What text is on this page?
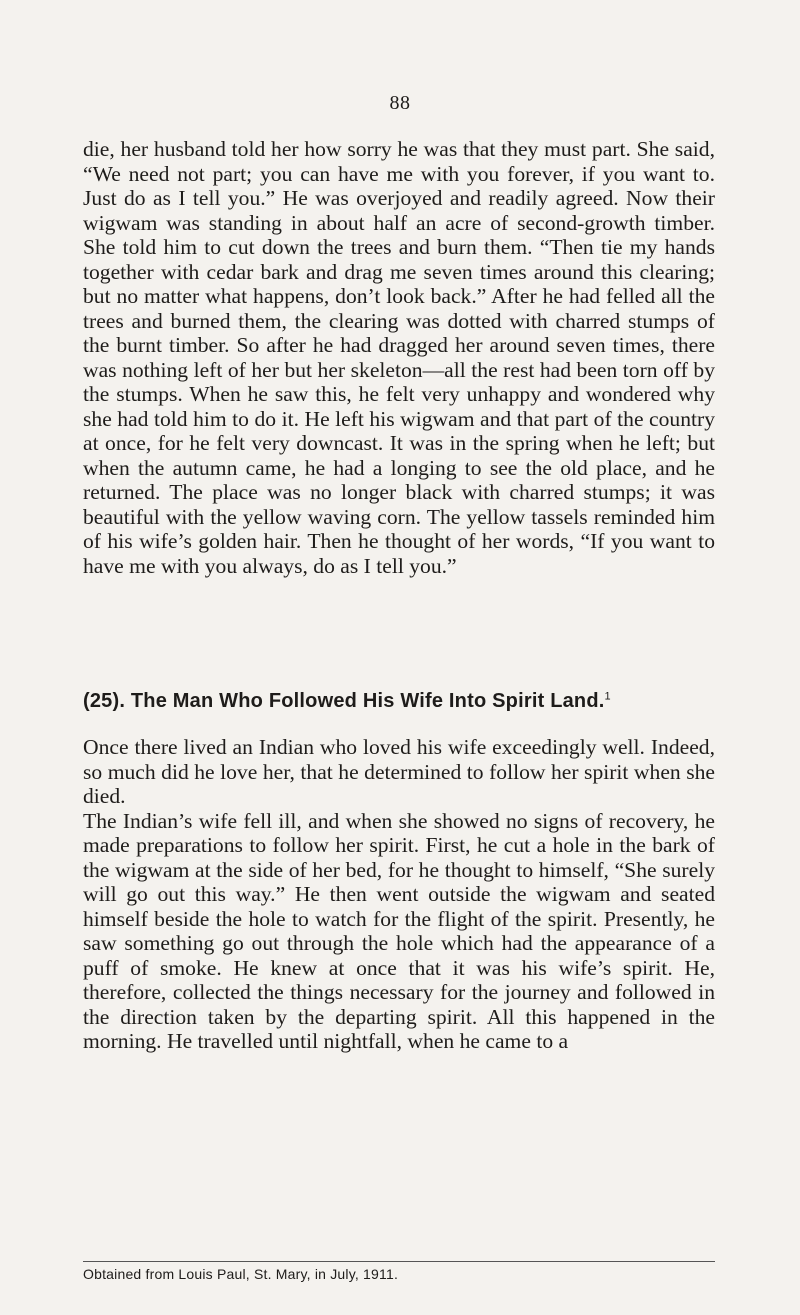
88

die, her husband told her how sorry he was that they must part. She said, “We need not part; you can have me with you forever, if you want to. Just do as I tell you.” He was overjoyed and readily agreed. Now their wigwam was standing in about half an acre of second-growth timber. She told him to cut down the trees and burn them. “Then tie my hands together with cedar bark and drag me seven times around this clearing; but no matter what happens, don’t look back.” After he had felled all the trees and burned them, the clearing was dotted with charred stumps of the burnt timber. So after he had dragged her around seven times, there was nothing left of her but her skeleton—all the rest had been torn off by the stumps. When he saw this, he felt very unhappy and wondered why she had told him to do it. He left his wigwam and that part of the country at once, for he felt very downcast. It was in the spring when he left; but when the autumn came, he had a longing to see the old place, and he returned. The place was no longer black with charred stumps; it was beautiful with the yellow waving corn. The yellow tassels reminded him of his wife’s golden hair. Then he thought of her words, “If you want to have me with you always, do as I tell you.”

(25). The Man Who Followed His Wife Into Spirit Land.$^1$

Once there lived an Indian who loved his wife exceedingly well. Indeed, so much did he love her, that he determined to follow her spirit when she died.

The Indian’s wife fell ill, and when she showed no signs of recovery, he made preparations to follow her spirit. First, he cut a hole in the bark of the wigwam at the side of her bed, for he thought to himself, “She surely will go out this way.” He then went outside the wigwam and seated himself beside the hole to watch for the flight of the spirit. Presently, he saw something go out through the hole which had the appearance of a puff of smoke. He knew at once that it was his wife’s spirit. He, therefore, collected the things necessary for the journey and followed in the direction taken by the departing spirit. All this happened in the morning. He travelled until nightfall, when he came to a

Obtained from Louis Paul, St. Mary, in July, 1911.
